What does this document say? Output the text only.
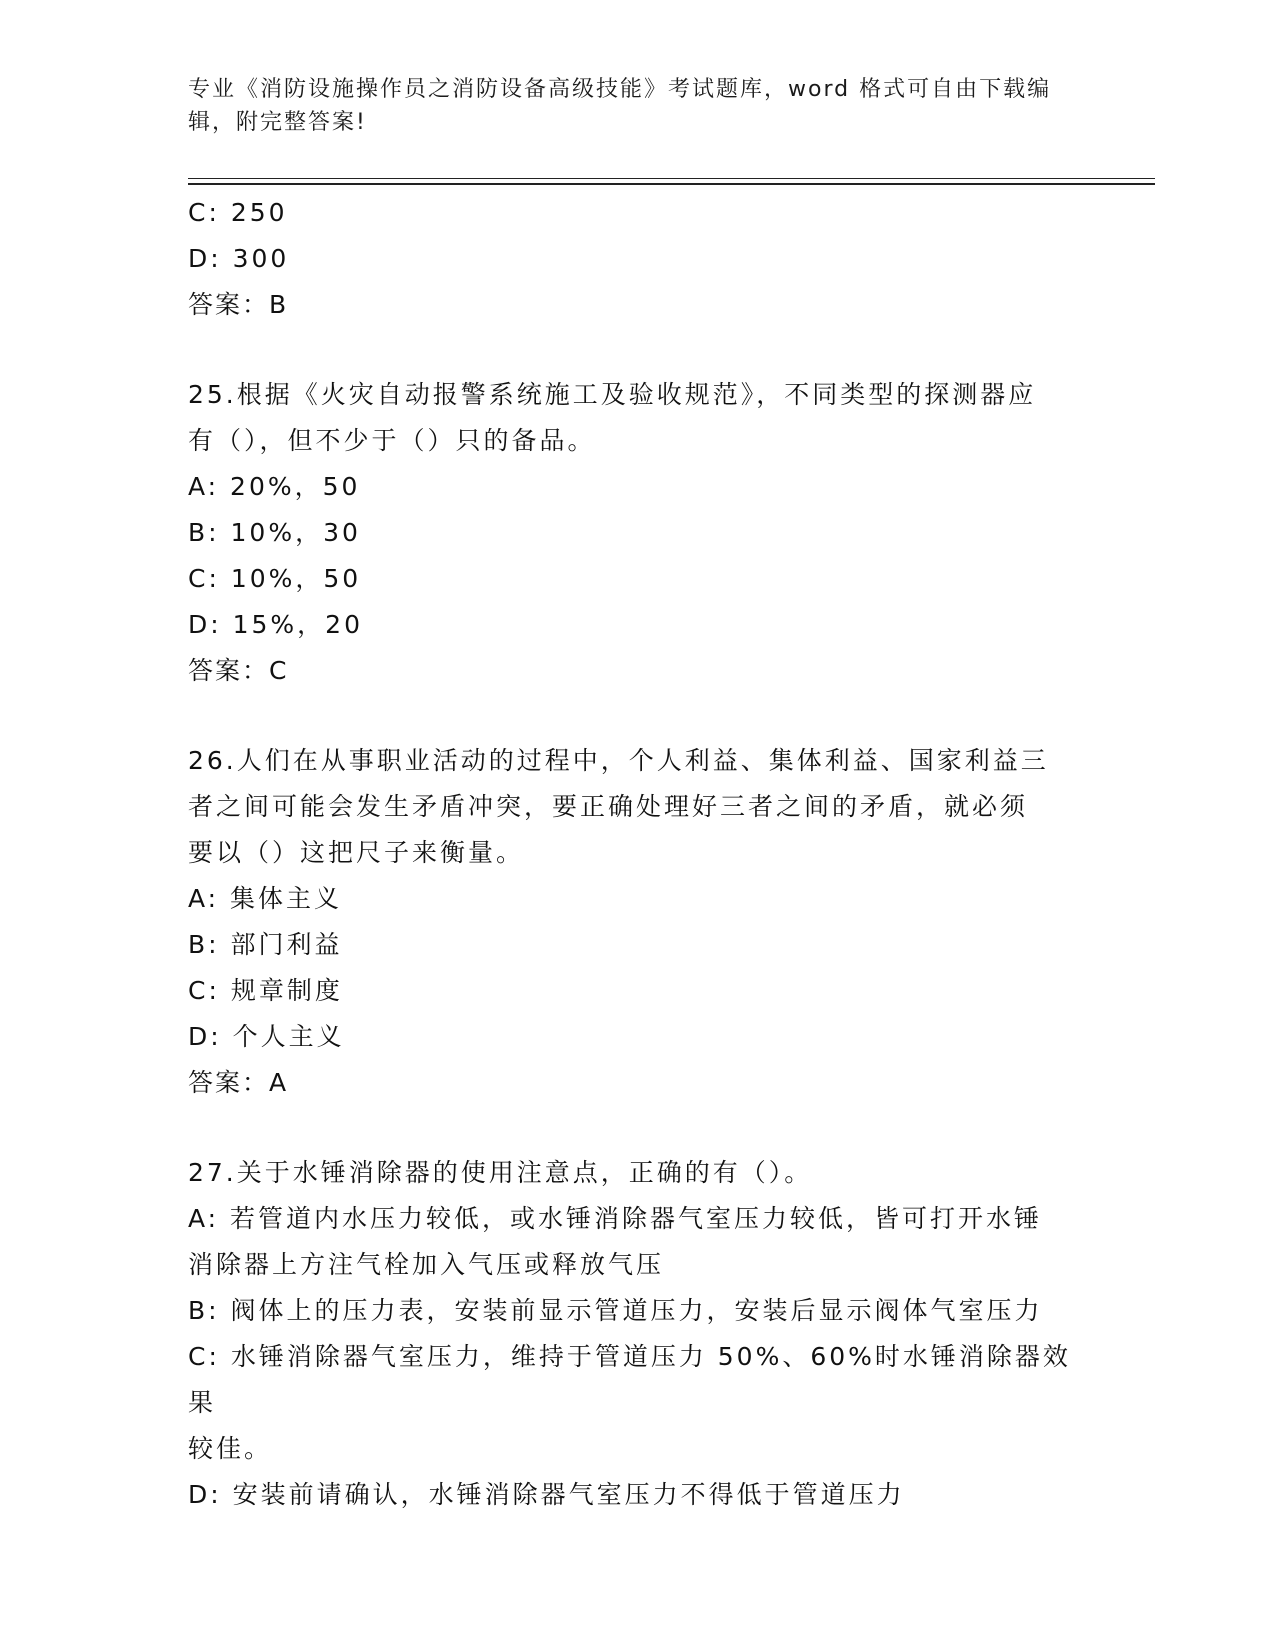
专业《消防设施操作员之消防设备高级技能》考试题库，word 格式可自由下载编
辑，附完整答案!
C: 250
D: 300
答案：B
25.根据《火灾自动报警系统施工及验收规范》，不同类型的探测器应
有（），但不少于（）只的备品。
A: 20%，50
B: 10%，30
C: 10%，50
D: 15%，20
答案：C
26.人们在从事职业活动的过程中，个人利益、集体利益、国家利益三
者之间可能会发生矛盾冲突，要正确处理好三者之间的矛盾，就必须
要以（）这把尺子来衡量。
A: 集体主义
B: 部门利益
C: 规章制度
D: 个人主义
答案：A
27.关于水锤消除器的使用注意点，正确的有（）。
A: 若管道内水压力较低，或水锤消除器气室压力较低，皆可打开水锤
消除器上方注气栓加入气压或释放气压
B: 阀体上的压力表，安装前显示管道压力，安装后显示阀体气室压力
C: 水锤消除器气室压力，维持于管道压力 50%、60%时水锤消除器效果
较佳。
D: 安装前请确认，水锤消除器气室压力不得低于管道压力
